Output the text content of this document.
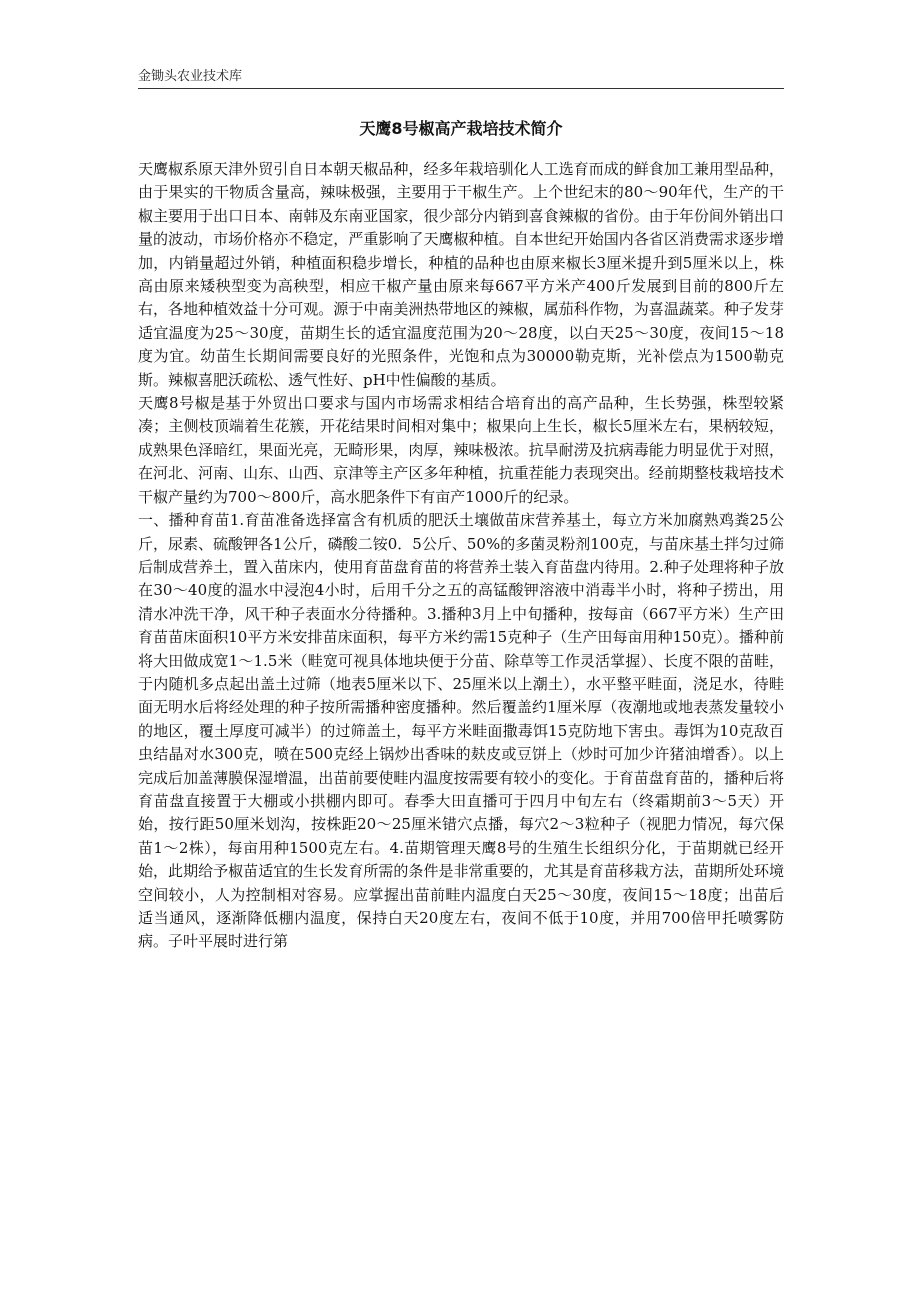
金锄头农业技术库
天鹰8号椒高产栽培技术简介

天鹰椒系原天津外贸引自日本朝天椒品种，经多年栽培驯化人工选育而成的鲜食加工兼用型品种，由于果实的干物质含量高，辣味极强，主要用于干椒生产。上个世纪末的80～90年代，生产的干椒主要用于出口日本、南韩及东南亚国家，很少部分内销到喜食辣椒的省份。由于年份间外销出口量的波动，市场价格亦不稳定，严重影响了天鹰椒种植。自本世纪开始国内各省区消费需求逐步增加，内销量超过外销，种植面积稳步增长，种植的品种也由原来椒长3厘米提升到5厘米以上，株高由原来矮秧型变为高秧型，相应干椒产量由原来每667平方米产400斤发展到目前的800斤左右，各地种植效益十分可观。源于中南美洲热带地区的辣椒，属茄科作物，为喜温蔬菜。种子发芽适宜温度为25～30度，苗期生长的适宜温度范围为20～28度，以白天25～30度，夜间15～18度为宜。幼苗生长期间需要良好的光照条件，光饱和点为30000勒克斯，光补偿点为1500勒克斯。辣椒喜肥沃疏松、透气性好、pH中性偏酸的基质。

天鹰8号椒是基于外贸出口要求与国内市场需求相结合培育出的高产品种，生长势强，株型较紧凑；主侧枝顶端着生花簇，开花结果时间相对集中；椒果向上生长，椒长5厘米左右，果柄较短，成熟果色泽暗红，果面光亮，无畸形果，肉厚，辣味极浓。抗旱耐涝及抗病毒能力明显优于对照，在河北、河南、山东、山西、京津等主产区多年种植，抗重茬能力表现突出。经前期整枝栽培技术干椒产量约为700～800斤，高水肥条件下有亩产1000斤的纪录。

一、播种育苗1.育苗准备选择富含有机质的肥沃土壤做苗床营养基土，每立方米加腐熟鸡粪25公斤，尿素、硫酸钾各1公斤，磷酸二铵0．5公斤、50%的多菌灵粉剂100克，与苗床基土拌匀过筛后制成营养土，置入苗床内，使用育苗盘育苗的将营养土装入育苗盘内待用。2.种子处理将种子放在30～40度的温水中浸泡4小时，后用千分之五的高锰酸钾溶液中消毒半小时，将种子捞出，用清水冲洗干净，风干种子表面水分待播种。3.播种3月上中旬播种，按每亩（667平方米）生产田育苗苗床面积10平方米安排苗床面积，每平方米约需15克种子（生产田每亩用种150克）。播种前将大田做成宽1～1.5米（畦宽可视具体地块便于分苗、除草等工作灵活掌握）、长度不限的苗畦，于内随机多点起出盖土过筛（地表5厘米以下、25厘米以上潮土），水平整平畦面，浇足水，待畦面无明水后将经处理的种子按所需播种密度播种。然后覆盖约1厘米厚（夜潮地或地表蒸发量较小的地区，覆土厚度可减半）的过筛盖土，每平方米畦面撒毒饵15克防地下害虫。毒饵为10克敌百虫结晶对水300克，喷在500克经上锅炒出香味的麸皮或豆饼上（炒时可加少许猪油增香）。以上完成后加盖薄膜保湿增温，出苗前要使畦内温度按需要有较小的变化。于育苗盘育苗的，播种后将育苗盘直接置于大棚或小拱棚内即可。春季大田直播可于四月中旬左右（终霜期前3～5天）开始，按行距50厘米划沟，按株距20～25厘米错穴点播，每穴2～3粒种子（视肥力情况，每穴保苗1～2株），每亩用种1500克左右。4.苗期管理天鹰8号的生殖生长组织分化，于苗期就已经开始，此期给予椒苗适宜的生长发育所需的条件是非常重要的，尤其是育苗移栽方法，苗期所处环境空间较小，人为控制相对容易。应掌握出苗前畦内温度白天25～30度，夜间15～18度；出苗后适当通风，逐渐降低棚内温度，保持白天20度左右，夜间不低于10度，并用700倍甲托喷雾防病。子叶平展时进行第
